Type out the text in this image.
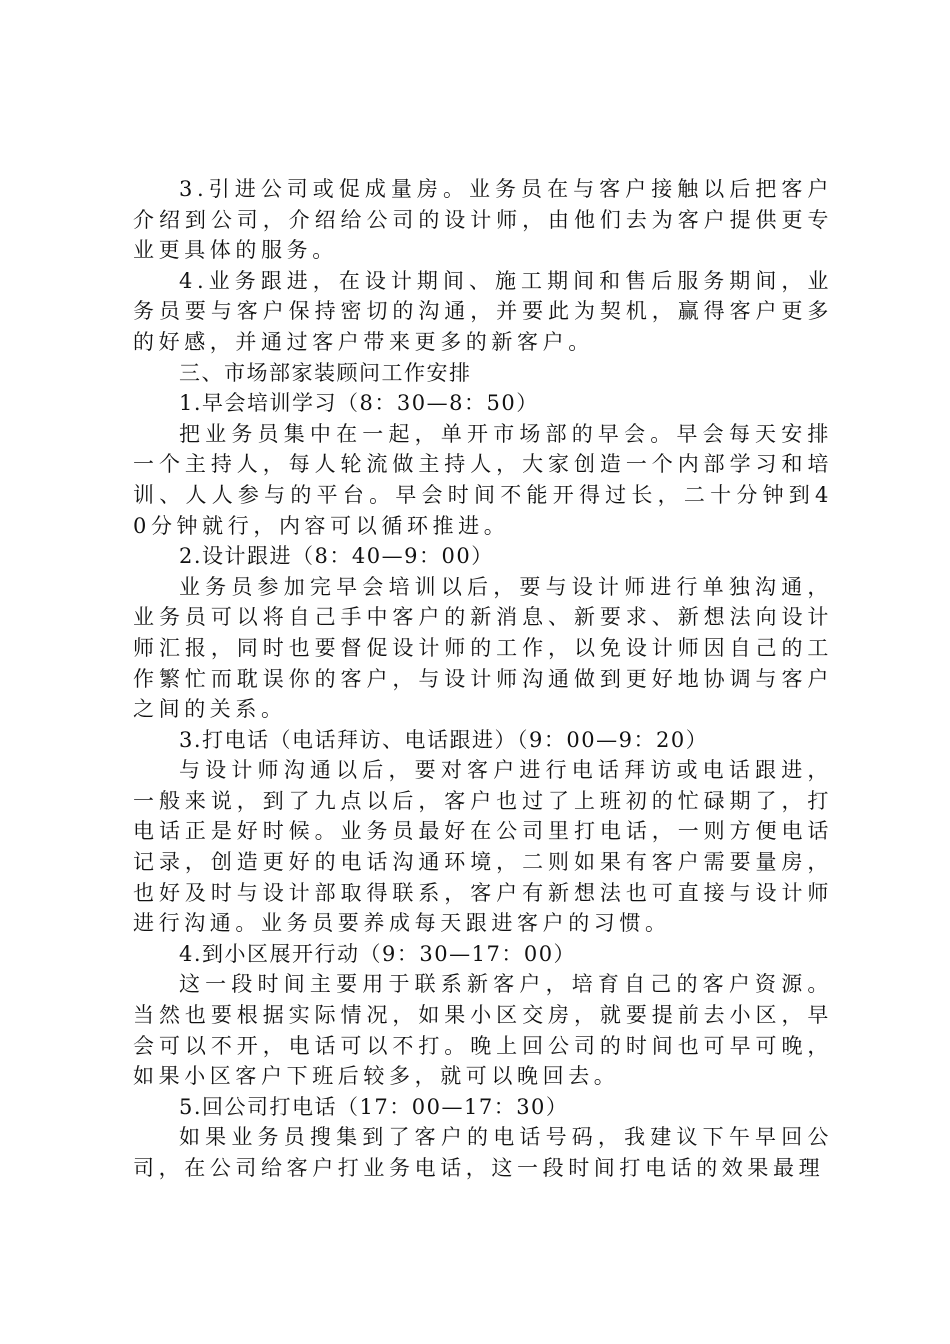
3.引进公司或促成量房。业务员在与客户接触以后把客户介绍到公司，介绍给公司的设计师，由他们去为客户提供更专业更具体的服务。

4.业务跟进，在设计期间、施工期间和售后服务期间，业务员要与客户保持密切的沟通，并要此为契机，赢得客户更多的好感，并通过客户带来更多的新客户。

三、市场部家装顾问工作安排

1.早会培训学习（8：30—8：50）

把业务员集中在一起，单开市场部的早会。早会每天安排一个主持人，每人轮流做主持人，大家创造一个内部学习和培训、人人参与的平台。早会时间不能开得过长，二十分钟到40分钟就行，内容可以循环推进。

2.设计跟进（8：40—9：00）

业务员参加完早会培训以后，要与设计师进行单独沟通，业务员可以将自己手中客户的新消息、新要求、新想法向设计师汇报，同时也要督促设计师的工作，以免设计师因自己的工作繁忙而耽误你的客户，与设计师沟通做到更好地协调与客户之间的关系。

3.打电话（电话拜访、电话跟进）（9：00—9：20）

与设计师沟通以后，要对客户进行电话拜访或电话跟进，一般来说，到了九点以后，客户也过了上班初的忙碌期了，打电话正是好时候。业务员最好在公司里打电话，一则方便电话记录，创造更好的电话沟通环境，二则如果有客户需要量房，也好及时与设计部取得联系，客户有新想法也可直接与设计师进行沟通。业务员要养成每天跟进客户的习惯。

4.到小区展开行动（9：30—17：00）

这一段时间主要用于联系新客户，培育自己的客户资源。当然也要根据实际情况，如果小区交房，就要提前去小区，早会可以不开，电话可以不打。晚上回公司的时间也可早可晚，如果小区客户下班后较多，就可以晚回去。

5.回公司打电话（17：00—17：30）

如果业务员搜集到了客户的电话号码，我建议下午早回公司，在公司给客户打业务电话，这一段时间打电话的效果最理
